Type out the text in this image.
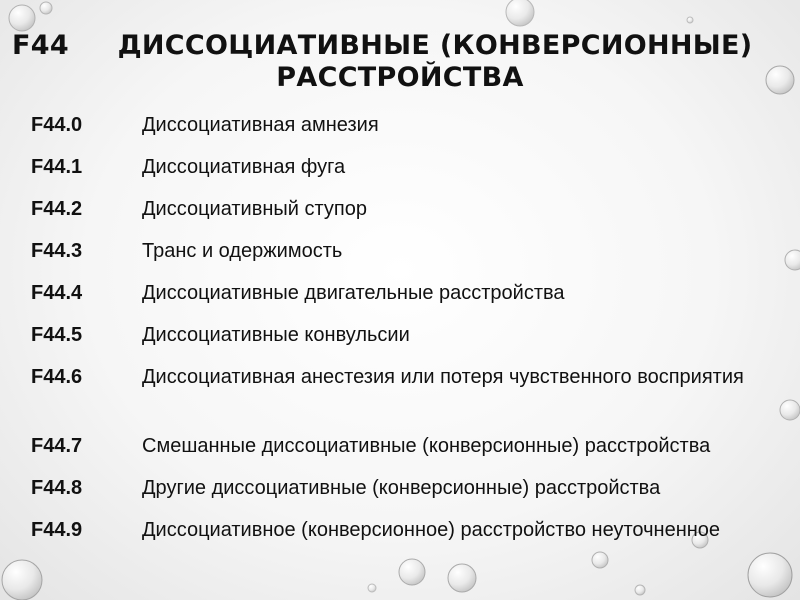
F44	ДИССОЦИАТИВНЫЕ (КОНВЕРСИОННЫЕ)
РАССТРОЙСТВА
F44.0	Диссоциативная амнезия
F44.1	Диссоциативная фуга
F44.2	Диссоциативный ступор
F44.3	Транс и одержимость
F44.4	Диссоциативные двигательные расстройства
F44.5	Диссоциативные конвульсии
F44.6	Диссоциативная анестезия или потеря чувственного восприятия
F44.7	Смешанные диссоциативные (конверсионные) расстройства
F44.8	Другие диссоциативные (конверсионные) расстройства
F44.9	Диссоциативное (конверсионное) расстройство неуточненное
